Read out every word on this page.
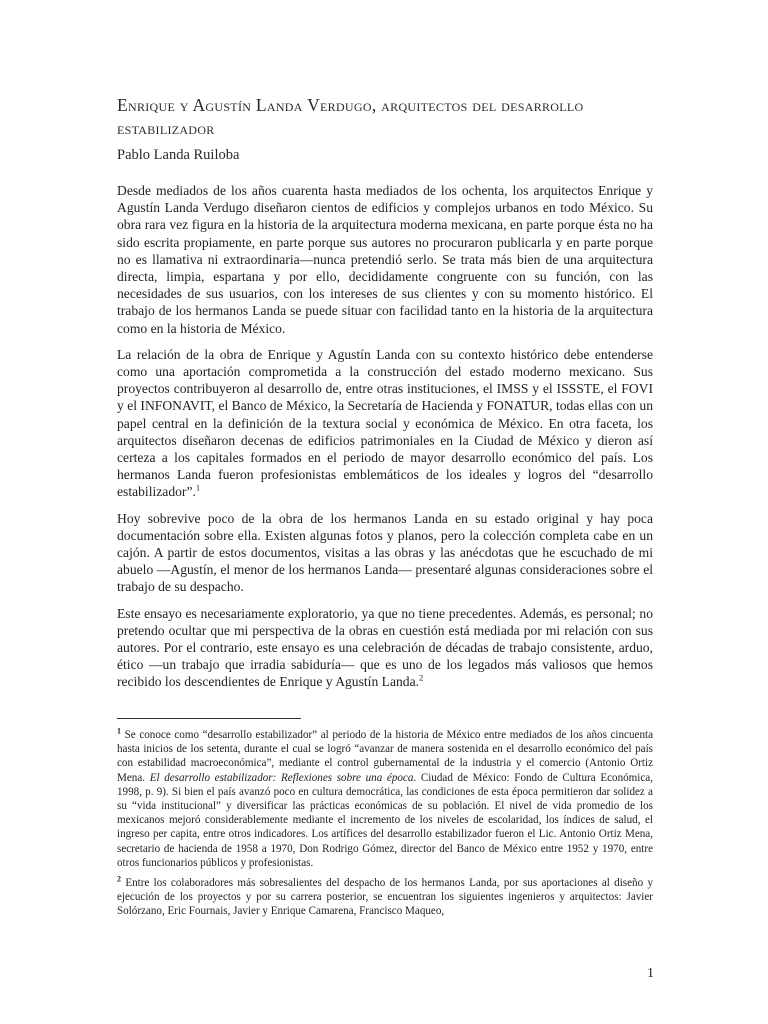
Enrique y Agustín Landa Verdugo, arquitectos del desarrollo estabilizador
Pablo Landa Ruiloba

Desde mediados de los años cuarenta hasta mediados de los ochenta, los arquitectos Enrique y Agustín Landa Verdugo diseñaron cientos de edificios y complejos urbanos en todo México. Su obra rara vez figura en la historia de la arquitectura moderna mexicana, en parte porque ésta no ha sido escrita propiamente, en parte porque sus autores no procuraron publicarla y en parte porque no es llamativa ni extraordinaria—nunca pretendió serlo. Se trata más bien de una arquitectura directa, limpia, espartana y por ello, decididamente congruente con su función, con las necesidades de sus usuarios, con los intereses de sus clientes y con su momento histórico. El trabajo de los hermanos Landa se puede situar con facilidad tanto en la historia de la arquitectura como en la historia de México.

La relación de la obra de Enrique y Agustín Landa con su contexto histórico debe entenderse como una aportación comprometida a la construcción del estado moderno mexicano. Sus proyectos contribuyeron al desarrollo de, entre otras instituciones, el IMSS y el ISSSTE, el FOVI y el INFONAVIT, el Banco de México, la Secretaría de Hacienda y FONATUR, todas ellas con un papel central en la definición de la textura social y económica de México. En otra faceta, los arquitectos diseñaron decenas de edificios patrimoniales en la Ciudad de México y dieron así certeza a los capitales formados en el periodo de mayor desarrollo económico del país. Los hermanos Landa fueron profesionistas emblemáticos de los ideales y logros del “desarrollo estabilizador”.$^1$

Hoy sobrevive poco de la obra de los hermanos Landa en su estado original y hay poca documentación sobre ella. Existen algunas fotos y planos, pero la colección completa cabe en un cajón. A partir de estos documentos, visitas a las obras y las anécdotas que he escuchado de mi abuelo —Agustín, el menor de los hermanos Landa— presentaré algunas consideraciones sobre el trabajo de su despacho.

Este ensayo es necesariamente exploratorio, ya que no tiene precedentes. Además, es personal; no pretendo ocultar que mi perspectiva de la obras en cuestión está mediada por mi relación con sus autores. Por el contrario, este ensayo es una celebración de décadas de trabajo consistente, arduo, ético —un trabajo que irradia sabiduría— que es uno de los legados más valiosos que hemos recibido los descendientes de Enrique y Agustín Landa.$^2$

$^1$ Se conoce como “desarrollo estabilizador” al periodo de la historia de México entre mediados de los años cincuenta hasta inicios de los setenta, durante el cual se logró “avanzar de manera sostenida en el desarrollo económico del país con estabilidad macroeconómica”, mediante el control gubernamental de la industria y el comercio (Antonio Ortiz Mena. El desarrollo estabilizador: Reflexiones sobre una época. Ciudad de México: Fondo de Cultura Económica, 1998, p. 9). Si bien el país avanzó poco en cultura democrática, las condiciones de esta época permitieron dar solidez a su “vida institucional” y diversificar las prácticas económicas de su población. El nivel de vida promedio de los mexicanos mejoró considerablemente mediante el incremento de los niveles de escolaridad, los índices de salud, el ingreso per capita, entre otros indicadores. Los artífices del desarrollo estabilizador fueron el Lic. Antonio Ortiz Mena, secretario de hacienda de 1958 a 1970, Don Rodrigo Gómez, director del Banco de México entre 1952 y 1970, entre otros funcionarios públicos y profesionistas.

$^2$ Entre los colaboradores más sobresalientes del despacho de los hermanos Landa, por sus aportaciones al diseño y ejecución de los proyectos y por su carrera posterior, se encuentran los siguientes ingenieros y arquitectos: Javier Solórzano, Eric Fournais, Javier y Enrique Camarena, Francisco Maqueo,

1
